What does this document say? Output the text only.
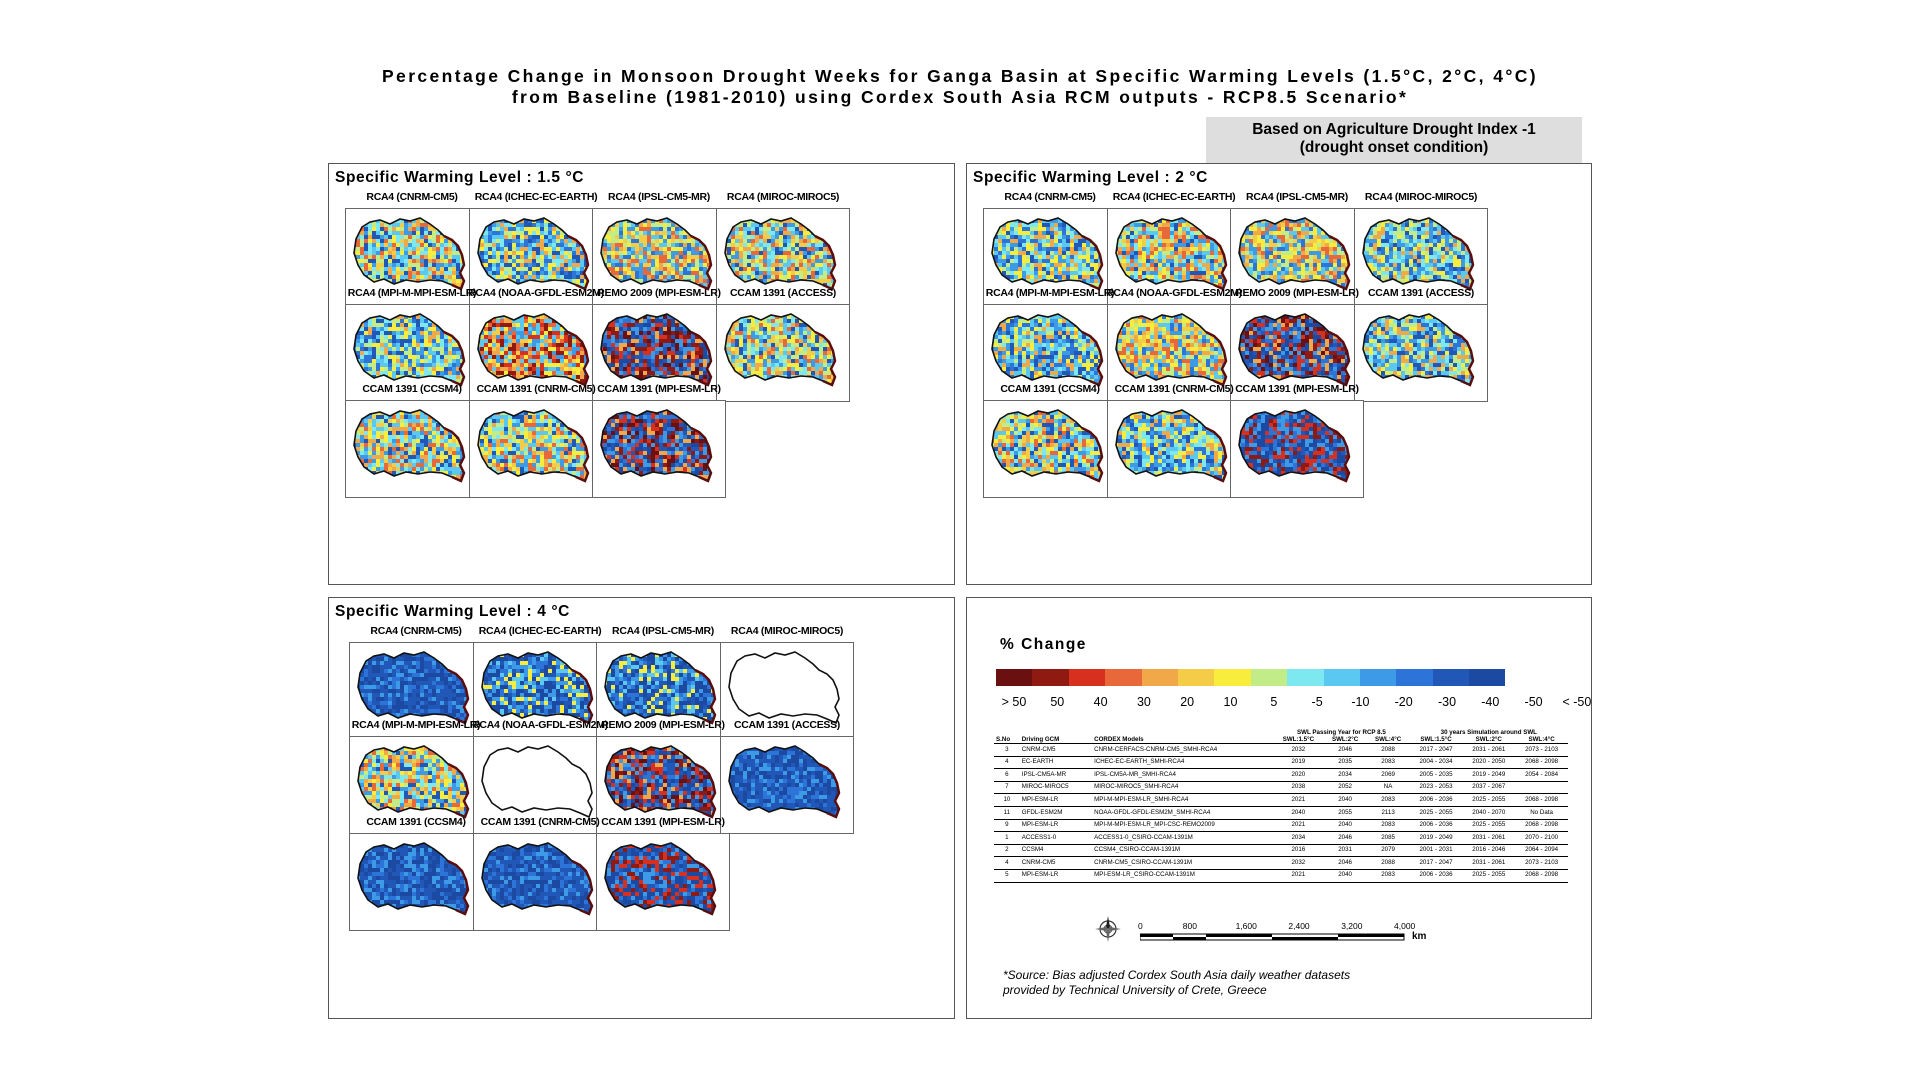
Percentage Change in Monsoon Drought Weeks for Ganga Basin at Specific Warming Levels (1.5°C, 2°C, 4°C)
from Baseline (1981-2010) using Cordex South Asia RCM outputs - RCP8.5 Scenario*
Based on Agriculture Drought Index -1
(drought onset condition)
Specific Warming Level : 1.5 °C
RCA4 (CNRM-CM5)	RCA4 (ICHEC-EC-EARTH)	RCA4 (IPSL-CM5-MR)	RCA4 (MIROC-MIROC5)
RCA4 (MPI-M-MPI-ESM-LR)
RCA4 (NOAA-GFDL-ESM2M)
REMO 2009 (MPI-ESM-LR) CCAM 1391 (ACCESS)
CCAM 1391 (CCSM4)	CCAM 1391 (CNRM-CM5) CCAM 1391 (MPI-ESM-LR)
Specific Warming Level : 2 °C
RCA4 (CNRM-CM5)	RCA4 (ICHEC-EC-EARTH)	RCA4 (IPSL-CM5-MR)	RCA4 (MIROC-MIROC5)
RCA4 (MPI-M-MPI-ESM-LR)
RCA4 (NOAA-GFDL-ESM2M)
REMO 2009 (MPI-ESM-LR) CCAM 1391 (ACCESS)
CCAM 1391 (CCSM4)	CCAM 1391 (CNRM-CM5) CCAM 1391 (MPI-ESM-LR)
Specific Warming Level : 4 °C
RCA4 (CNRM-CM5)	RCA4 (ICHEC-EC-EARTH)	RCA4 (IPSL-CM5-MR)	RCA4 (MIROC-MIROC5)
RCA4 (MPI-M-MPI-ESM-LR)
RCA4 (NOAA-GFDL-ESM2M)
REMO 2009 (MPI-ESM-LR) CCAM 1391 (ACCESS)
CCAM 1391 (CCSM4)	CCAM 1391 (CNRM-CM5) CCAM 1391 (MPI-ESM-LR)
% Change
> 50	50	40	30	20	10	5	-5	-10	-20	-30	-40	-50	< -50
			SWL Passing Year for RCP 8.5			30 years Simulation around SWL		
S.No	Driving GCM	CORDEX Models	SWL:1.5°C	SWL:2°C	SWL:4°C	SWL:1.5°C	SWL:2°C	SWL:4°C
3	CNRM-CM5	CNRM-CERFACS-CNRM-CM5_SMHI-RCA4	2032	2046	2088	2017 - 2047	2031 - 2061	2073 - 2103
4	EC-EARTH	ICHEC-EC-EARTH_SMHI-RCA4	2019	2035	2083	2004 - 2034	2020 - 2050	2068 - 2098
6	IPSL-CM5A-MR	IPSL-CM5A-MR_SMHI-RCA4	2020	2034	2069	2005 - 2035	2019 - 2049	2054 - 2084
7	MIROC-MIROC5	MIROC-MIROC5_SMHI-RCA4	2038	2052	NA	2023 - 2053	2037 - 2067	
10	MPI-ESM-LR	MPI-M-MPI-ESM-LR_SMHI-RCA4	2021	2040	2083	2006 - 2036	2025 - 2055	2068 - 2098
11	GFDL-ESM2M	NOAA-GFDL-GFDL-ESM2M_SMHI-RCA4	2040	2055	2113	2025 - 2055	2040 - 2070	No Data
9	MPI-ESM-LR	MPI-M-MPI-ESM-LR_MPI-CSC-REMO2009	2021	2040	2083	2006 - 2036	2025 - 2055	2068 - 2098
1	ACCESS1-0	ACCESS1-0_CSIRO-CCAM-1391M	2034	2046	2085	2019 - 2049	2031 - 2061	2070 - 2100
2	CCSM4	CCSM4_CSIRO-CCAM-1391M	2016	2031	2079	2001 - 2031	2016 - 2046	2064 - 2094
4	CNRM-CM5	CNRM-CM5_CSIRO-CCAM-1391M	2032	2046	2088	2017 - 2047	2031 - 2061	2073 - 2103
5	MPI-ESM-LR	MPI-ESM-LR_CSIRO-CCAM-1391M	2021	2040	2083	2006 - 2036	2025 - 2055	2068 - 2098
0	800	1,600	2,400	3,200	4,000
km
*Source: Bias adjusted Cordex South Asia daily weather datasets
provided by Technical University of Crete, Greece
